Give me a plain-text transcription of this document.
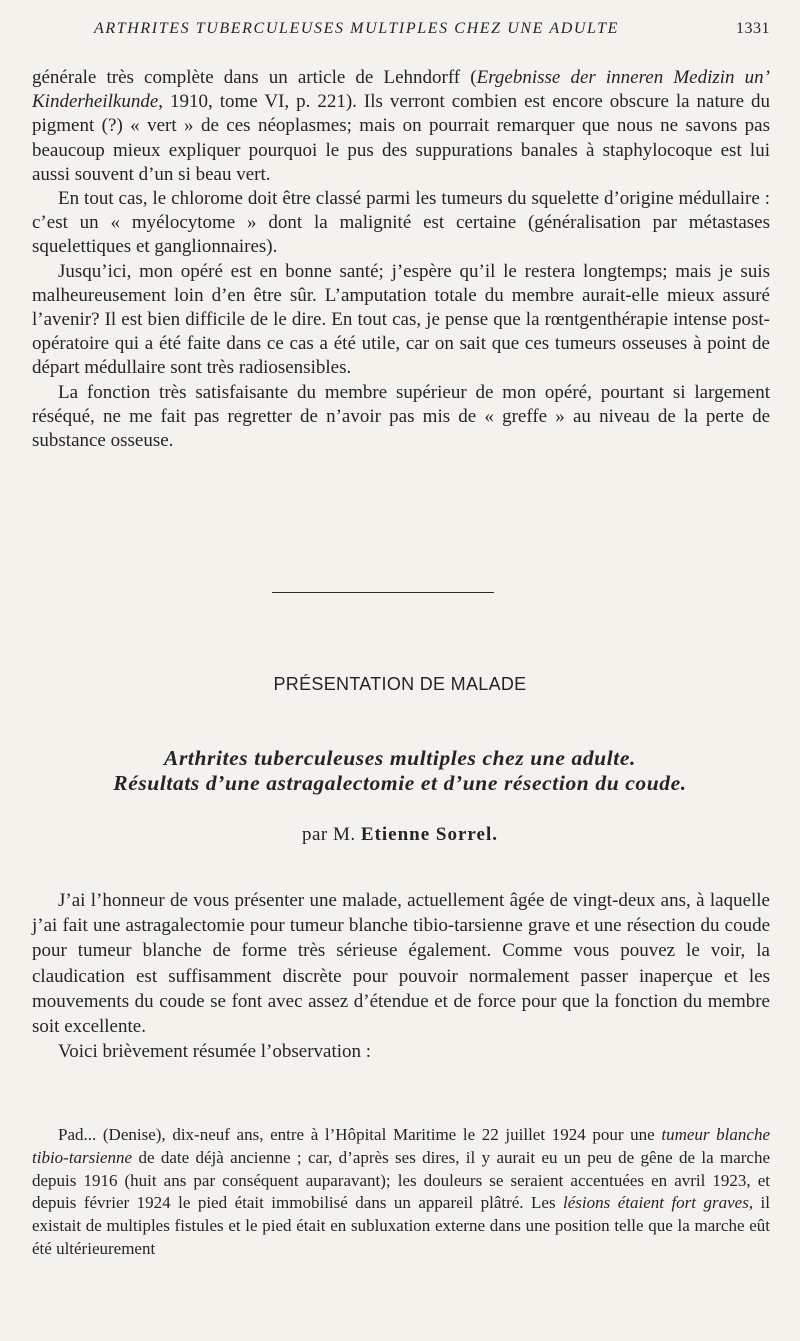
ARTHRITES TUBERCULEUSES MULTIPLES CHEZ UNE ADULTE	1331

générale très complète dans un article de Lehndorff (Ergebnisse der inneren Medizin un’ Kinderheilkunde, 1910, tome VI, p. 221). Ils verront combien est encore obscure la nature du pigment (?) « vert » de ces néoplasmes; mais on pourrait remarquer que nous ne savons pas beaucoup mieux expliquer pourquoi le pus des suppurations banales à staphylocoque est lui aussi souvent d’un si beau vert.

En tout cas, le chlorome doit être classé parmi les tumeurs du squelette d’origine médullaire : c’est un « myélocytome » dont la malignité est certaine (généralisation par métastases squelettiques et ganglionnaires).

Jusqu’ici, mon opéré est en bonne santé; j’espère qu’il le restera longtemps; mais je suis malheureusement loin d’en être sûr. L’amputation totale du membre aurait-elle mieux assuré l’avenir? Il est bien difficile de le dire. En tout cas, je pense que la rœntgenthérapie intense post-opératoire qui a été faite dans ce cas a été utile, car on sait que ces tumeurs osseuses à point de départ médullaire sont très radiosensibles.

La fonction très satisfaisante du membre supérieur de mon opéré, pourtant si largement réséqué, ne me fait pas regretter de n’avoir pas mis de « greffe » au niveau de la perte de substance osseuse.

PRÉSENTATION DE MALADE
Arthrites tuberculeuses multiples chez une adulte.
Résultats d’une astragalectomie et d’une résection du coude.
par M. Etienne Sorrel.

J’ai l’honneur de vous présenter une malade, actuellement âgée de vingt-deux ans, à laquelle j’ai fait une astragalectomie pour tumeur blanche tibio-tarsienne grave et une résection du coude pour tumeur blanche de forme très sérieuse également. Comme vous pouvez le voir, la claudication est suffisamment discrète pour pouvoir normalement passer inaperçue et les mouvements du coude se font avec assez d’étendue et de force pour que la fonction du membre soit excellente.

Voici brièvement résumée l’observation :

Pad... (Denise), dix-neuf ans, entre à l’Hôpital Maritime le 22 juillet 1924 pour une tumeur blanche tibio-tarsienne de date déjà ancienne ; car, d’après ses dires, il y aurait eu un peu de gêne de la marche depuis 1916 (huit ans par conséquent auparavant); les douleurs se seraient accentuées en avril 1923, et depuis février 1924 le pied était immobilisé dans un appareil plâtré. Les lésions étaient fort graves, il existait de multiples fistules et le pied était en subluxation externe dans une position telle que la marche eût été ultérieurement
